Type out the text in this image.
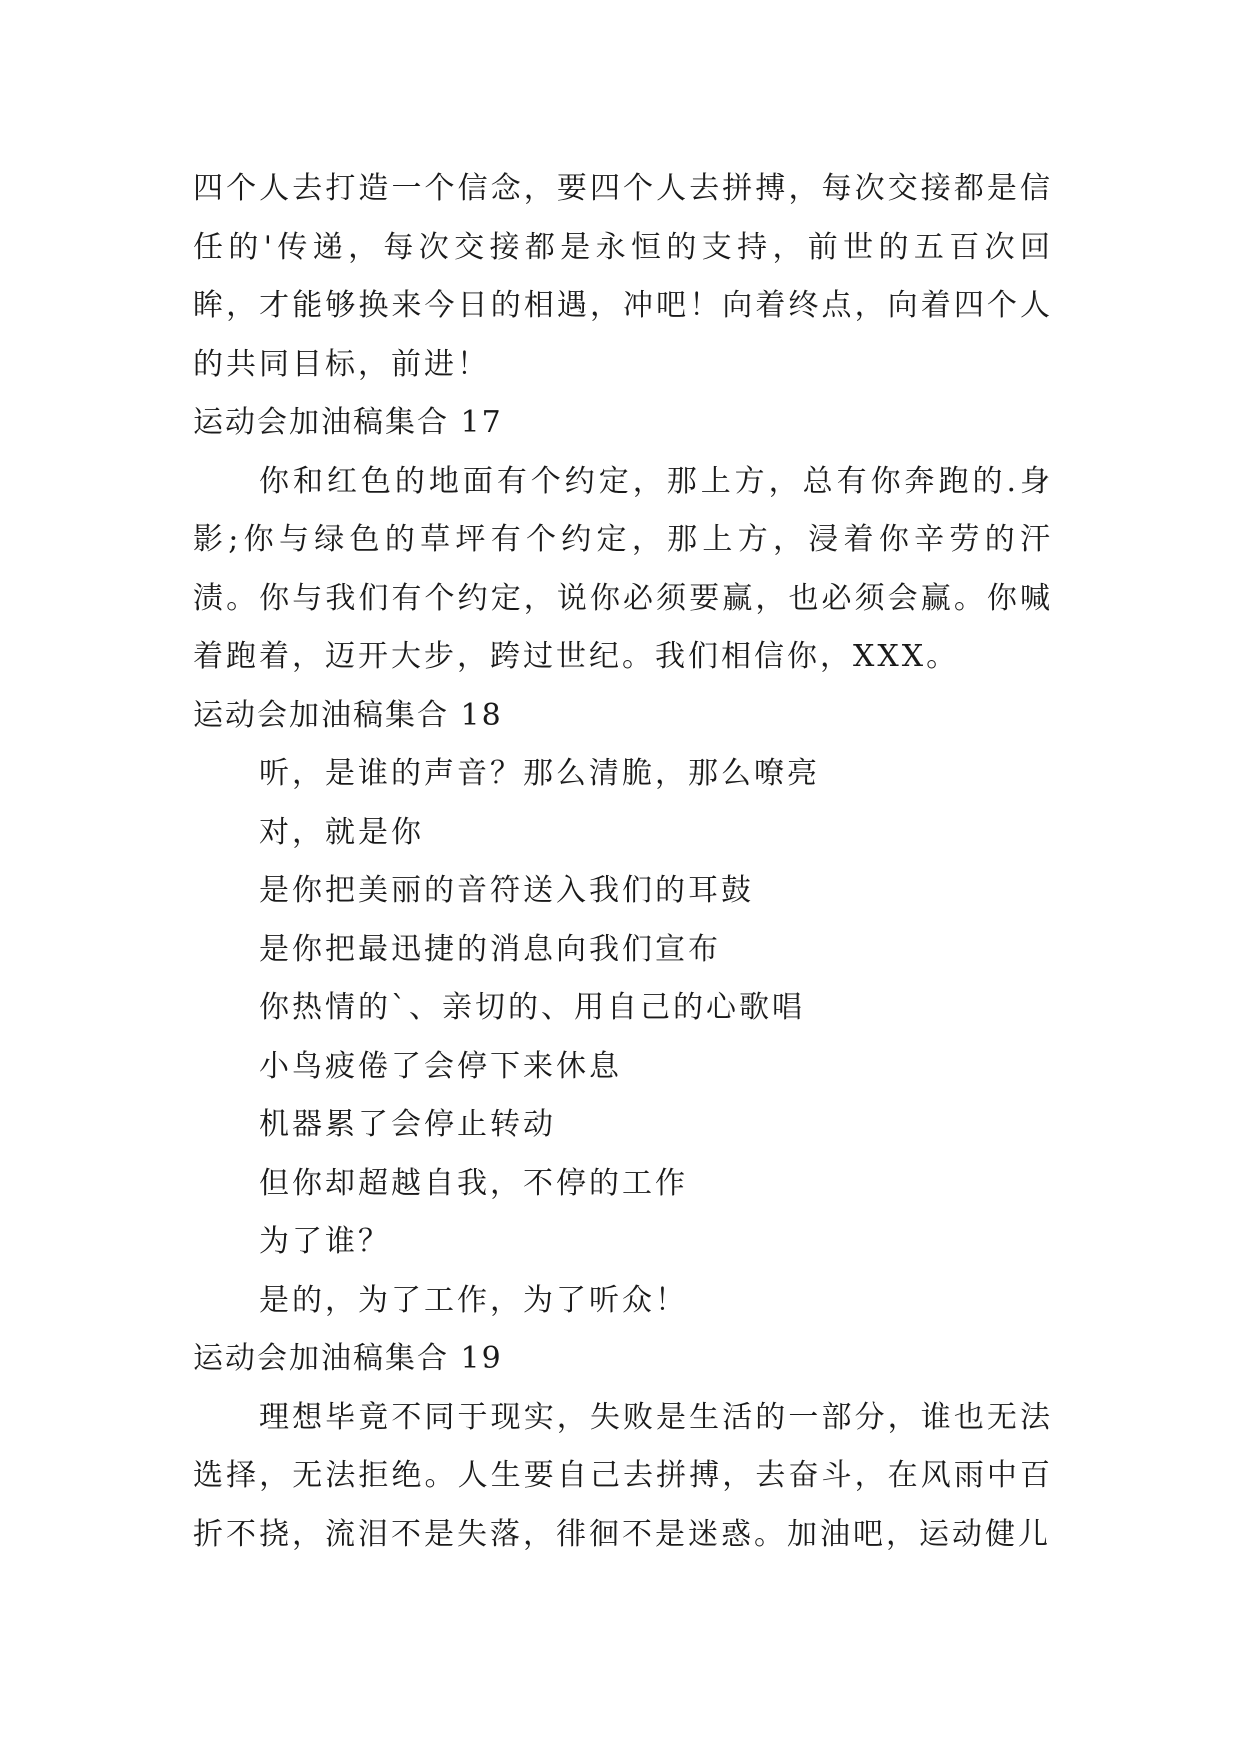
四个人去打造一个信念，要四个人去拼搏，每次交接都是信任的'传递，每次交接都是永恒的支持，前世的五百次回眸，才能够换来今日的相遇，冲吧！向着终点，向着四个人的共同目标，前进！

运动会加油稿集合 17

你和红色的地面有个约定，那上方，总有你奔跑的.身影;你与绿色的草坪有个约定，那上方，浸着你辛劳的汗渍。你与我们有个约定，说你必须要赢，也必须会赢。你喊着跑着，迈开大步，跨过世纪。我们相信你，XXX。

运动会加油稿集合 18

听，是谁的声音？那么清脆，那么嘹亮

对，就是你

是你把美丽的音符送入我们的耳鼓

是你把最迅捷的消息向我们宣布

你热情的`、亲切的、用自己的心歌唱

小鸟疲倦了会停下来休息

机器累了会停止转动

但你却超越自我，不停的工作

为了谁？

是的，为了工作，为了听众！

运动会加油稿集合 19

理想毕竟不同于现实，失败是生活的一部分，谁也无法选择，无法拒绝。人生要自己去拼搏，去奋斗，在风雨中百折不挠，流泪不是失落，徘徊不是迷惑。加油吧，运动健儿
